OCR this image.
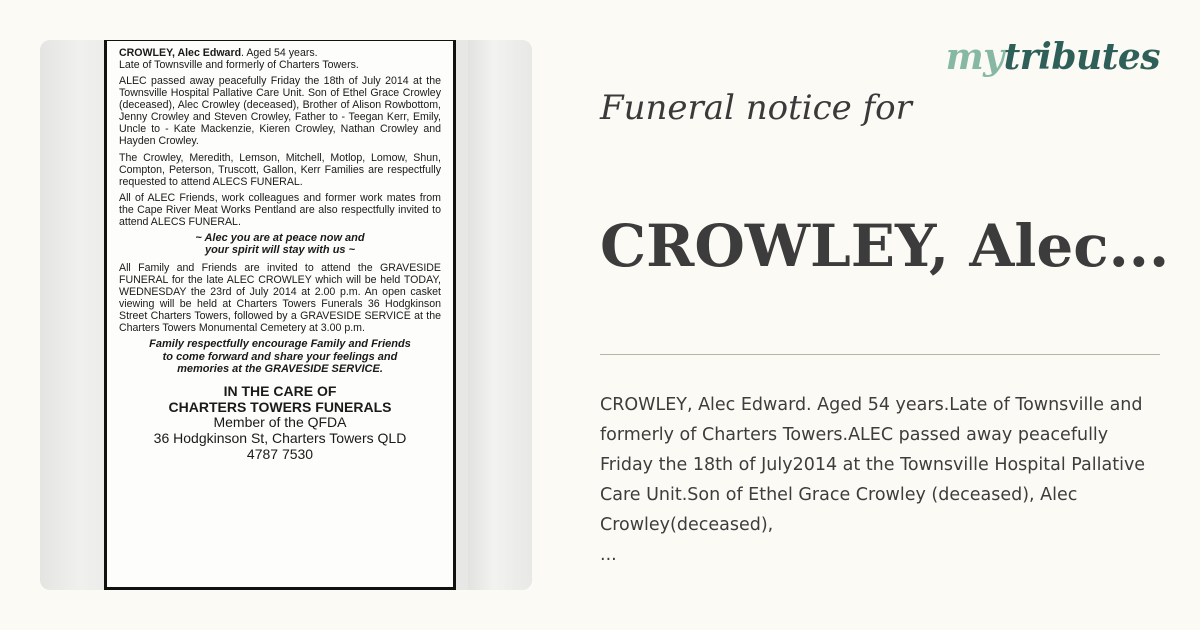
CROWLEY, Alec Edward. Aged 54 years.
Late of Townsville and formerly of Charters Towers.

ALEC passed away peacefully Friday the 18th of July 2014 at the Townsville Hospital Pallative Care Unit. Son of Ethel Grace Crowley (deceased), Alec Crowley (deceased), Brother of Alison Rowbottom, Jenny Crowley and Steven Crowley, Father to - Teegan Kerr, Emily, Uncle to - Kate Mackenzie, Kieren Crowley, Nathan Crowley and Hayden Crowley.

The Crowley, Meredith, Lemson, Mitchell, Motlop, Lomow, Shun, Compton, Peterson, Truscott, Gallon, Kerr Families are respectfully requested to attend ALECS FUNERAL.

All of ALEC Friends, work colleagues and former work mates from the Cape River Meat Works Pentland are also respectfully invited to attend ALECS FUNERAL.

~ Alec you are at peace now and
your spirit will stay with us ~

All Family and Friends are invited to attend the GRAVESIDE FUNERAL for the late ALEC CROWLEY which will be held TODAY, WEDNESDAY the 23rd of July 2014 at 2.00 p.m. An open casket viewing will be held at Charters Towers Funerals 36 Hodgkinson Street Charters Towers, followed by a GRAVESIDE SERVICE at the Charters Towers Monumental Cemetery at 3.00 p.m.

Family respectfully encourage Family and Friends
to come forward and share your feelings and
memories at the GRAVESIDE SERVICE.
IN THE CARE OF
CHARTERS TOWERS FUNERALS
Member of the QFDA
36 Hodgkinson St, Charters Towers QLD
4787 7530
mytributes
Funeral notice for
CROWLEY, Alec...
CROWLEY, Alec Edward. Aged 54 years.Late of Townsville and formerly of Charters Towers.ALEC passed away peacefully Friday the 18th of July2014 at the Townsville Hospital Pallative Care Unit.Son of Ethel Grace Crowley (deceased), Alec Crowley(deceased),
...
